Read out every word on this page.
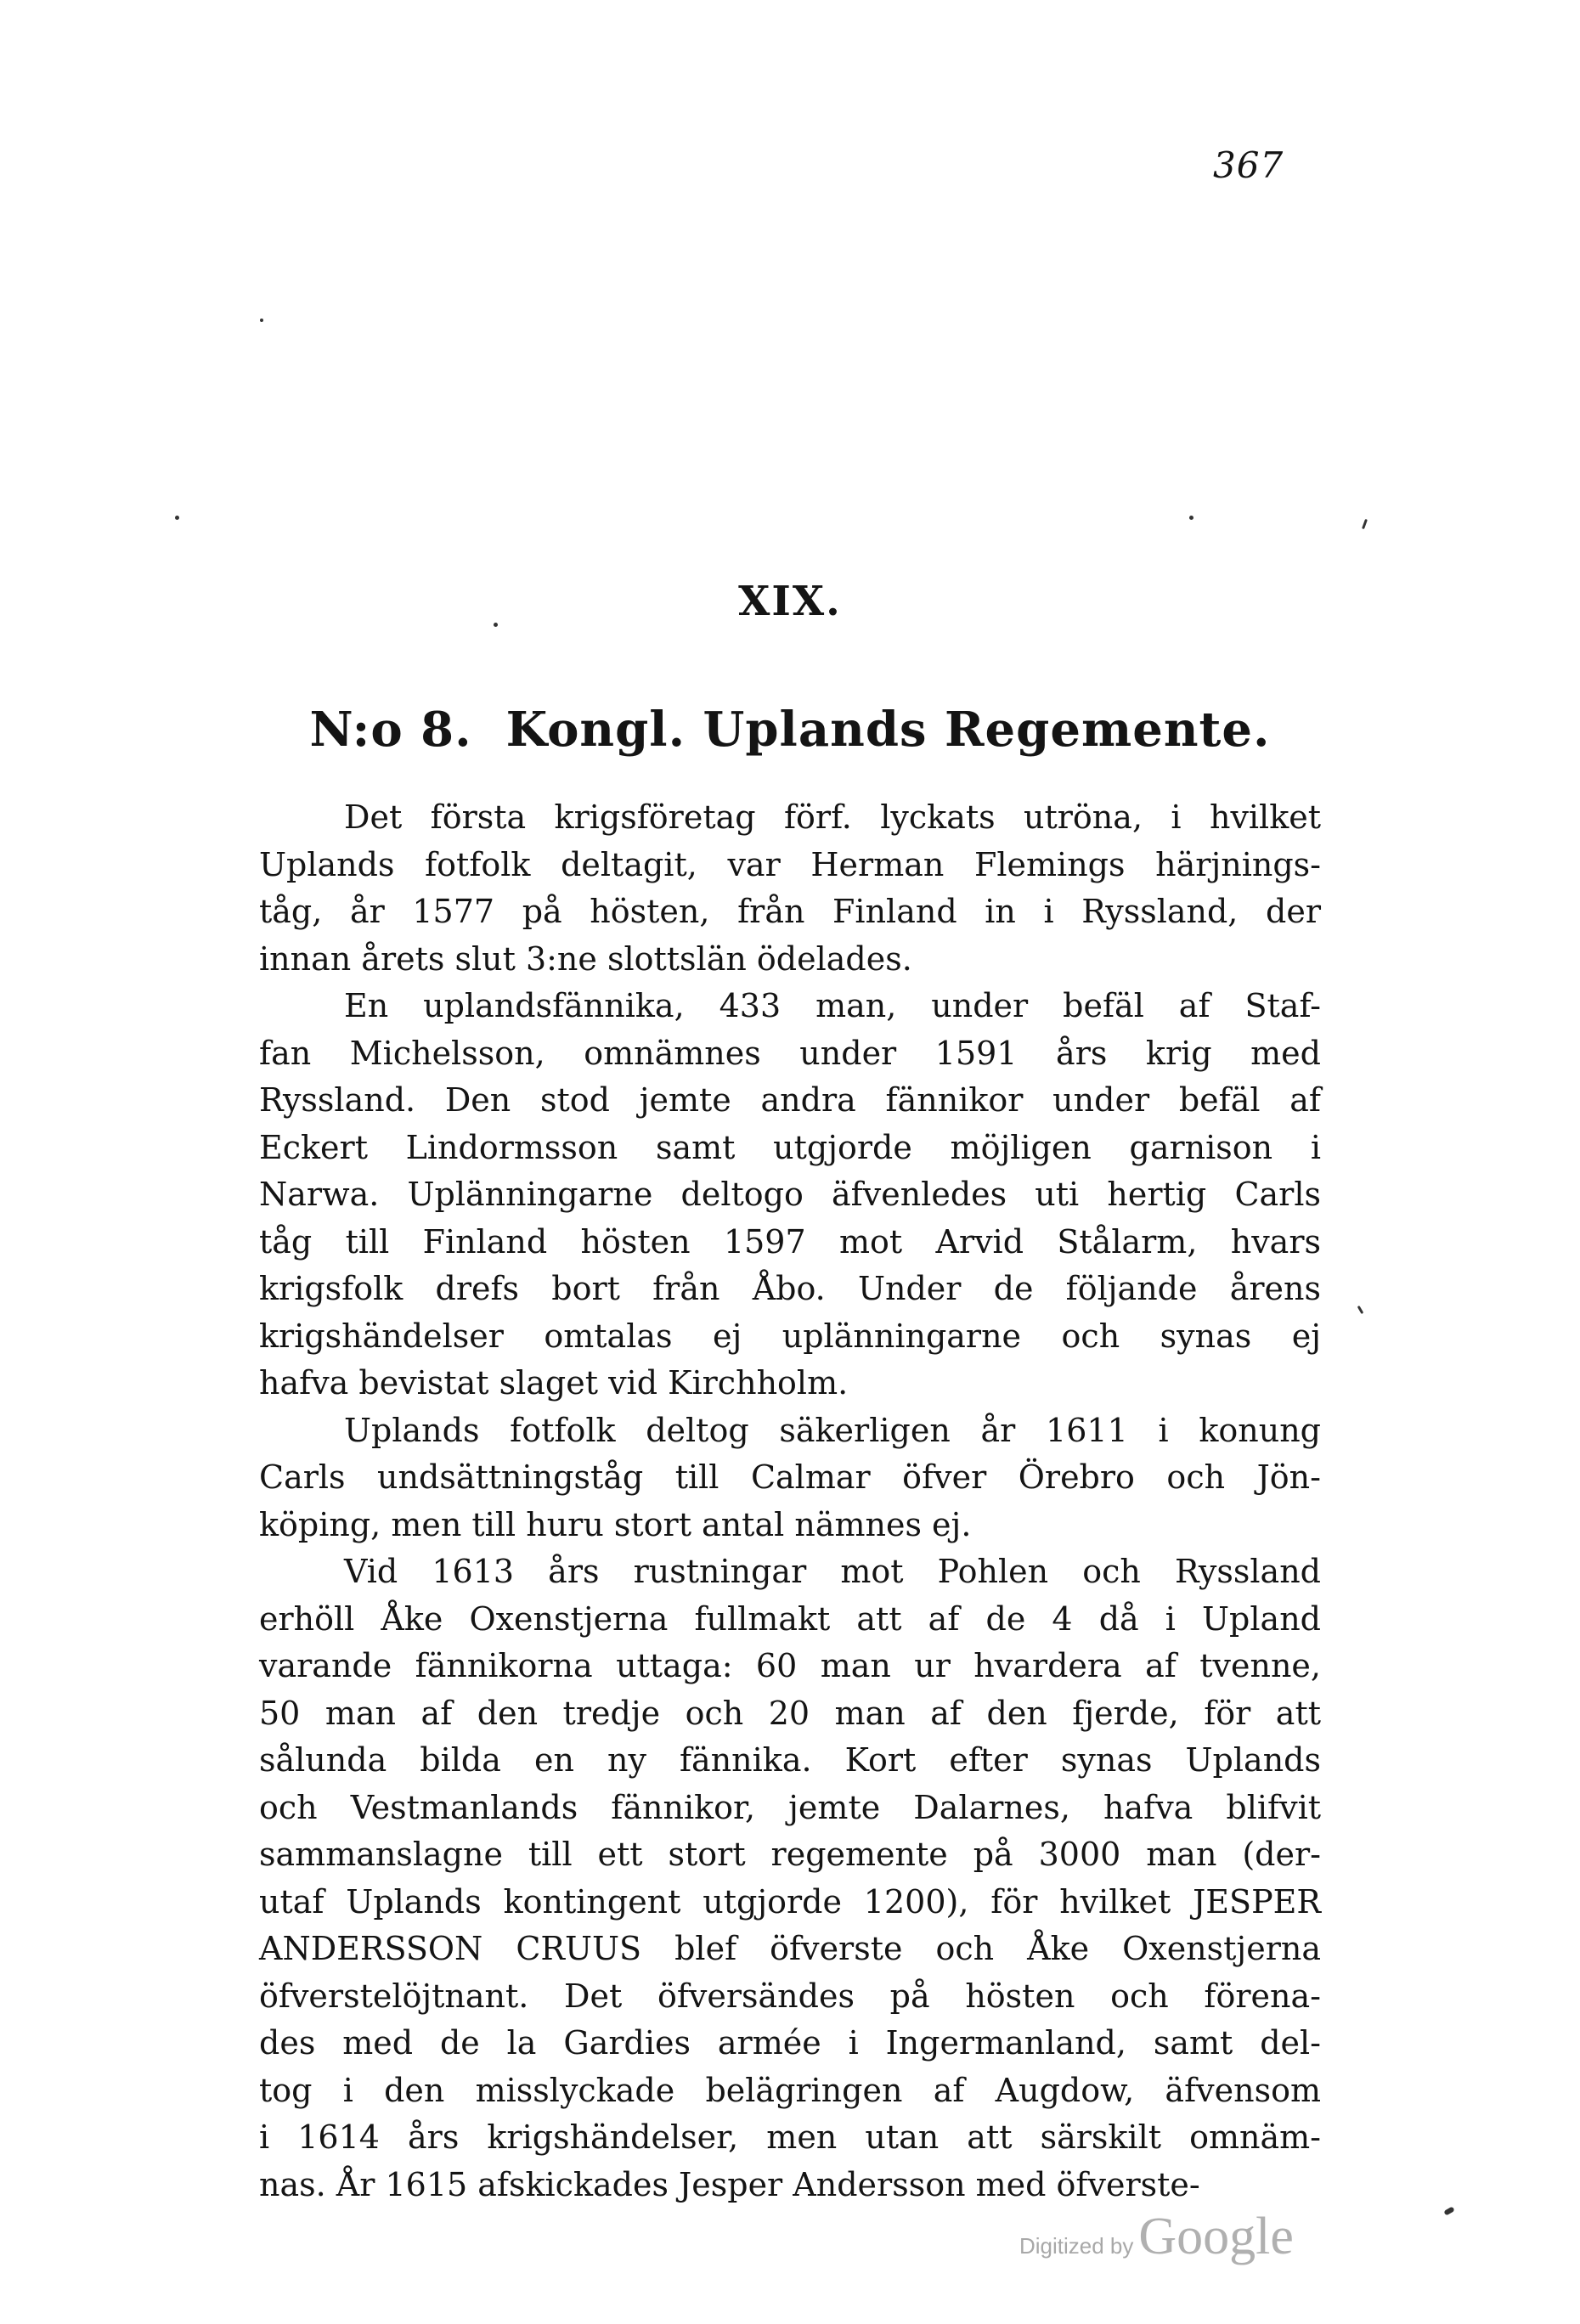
367
XIX.
N:o 8. Kongl. Uplands Regemente.
Det första krigsföretag förf. lyckats utröna, i hvilket
Uplands fotfolk deltagit, var Herman Flemings härjnings-
tåg, år 1577 på hösten, från Finland in i Ryssland, der
innan årets slut 3:ne slottslän ödelades.
En uplandsfännika, 433 man, under befäl af Staf-
fan Michelsson, omnämnes under 1591 års krig med
Ryssland. Den stod jemte andra fännikor under befäl af
Eckert Lindormsson samt utgjorde möjligen garnison i
Narwa. Uplänningarne deltogo äfvenledes uti hertig Carls
tåg till Finland hösten 1597 mot Arvid Stålarm, hvars
krigsfolk drefs bort från Åbo. Under de följande årens
krigshändelser omtalas ej uplänningarne och synas ej
hafva bevistat slaget vid Kirchholm.
Uplands fotfolk deltog säkerligen år 1611 i konung
Carls undsättningståg till Calmar öfver Örebro och Jön-
köping, men till huru stort antal nämnes ej.
Vid 1613 års rustningar mot Pohlen och Ryssland
erhöll Åke Oxenstjerna fullmakt att af de 4 då i Upland
varande fännikorna uttaga: 60 man ur hvardera af tvenne,
50 man af den tredje och 20 man af den fjerde, för att
sålunda bilda en ny fännika. Kort efter synas Uplands
och Vestmanlands fännikor, jemte Dalarnes, hafva blifvit
sammanslagne till ett stort regemente på 3000 man (der-
utaf Uplands kontingent utgjorde 1200), för hvilket JESPER
ANDERSSON CRUUS blef öfverste och Åke Oxenstjerna
öfverstelöjtnant. Det öfversändes på hösten och förena-
des med de la Gardies armée i Ingermanland, samt del-
tog i den misslyckade belägringen af Augdow, äfvensom
i 1614 års krigshändelser, men utan att särskilt omnäm-
nas. År 1615 afskickades Jesper Andersson med öfverste-
Digitized byGoogle
